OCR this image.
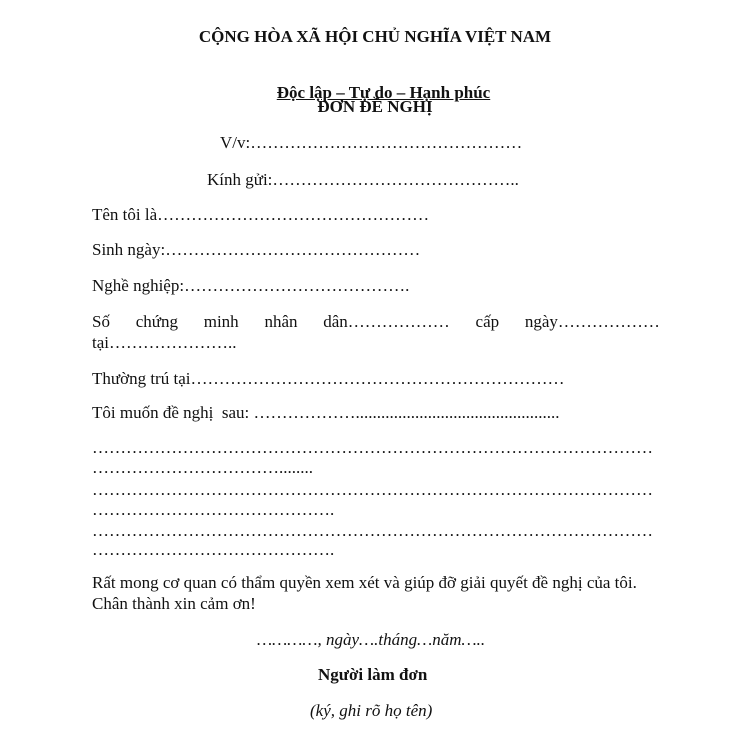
CỘNG HÒA XÃ HỘI CHỦ NGHĨA VIỆT NAM

Độc lập – Tự do – Hạnh phúc

ĐƠN ĐỀ NGHỊ
V/v:…………………………………………
Kính gửi:……………………………………..
Tên tôi là…………………………………………
Sinh ngày:………………………………………
Nghề nghiệp:………………………………….
Số chứng minh nhân dân……………… cấp ngày………………
tại…………………..
Thường trú tại…………………………………………………………
Tôi muốn đề nghị  sau: ………………................................................
………………………………………………………………………………………
……………………………........
………………………………………………………………………………………
…………………………………….
………………………………………………………………………………………
…………………………………….
Rất mong cơ quan có thẩm quyền xem xét và giúp đỡ giải quyết đề nghị của tôi.
Chân thành xin cảm ơn!
…………, ngày….tháng…năm…..
Người làm đơn
(ký, ghi rõ họ tên)
